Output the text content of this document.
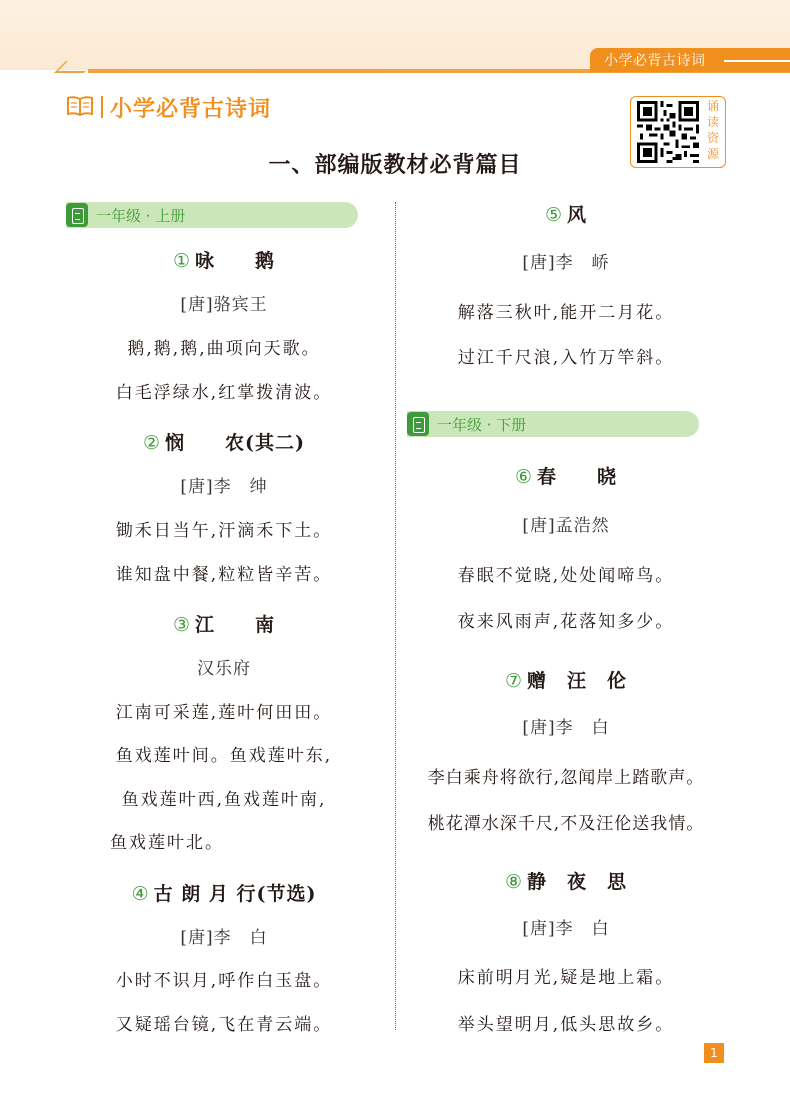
小学必背古诗词
小学必背古诗词	诵读资源
一、部编版教材必背篇目
一年级 · 上册
一年级 · 下册
① 咏　　鹅
[唐]骆宾王
鹅,鹅,鹅,曲项向天歌。
白毛浮绿水,红掌拨清波。
② 悯　　农(其二)
[唐]李　绅
锄禾日当午,汗滴禾下土。
谁知盘中餐,粒粒皆辛苦。
③ 江　　南
汉乐府
江南可采莲,莲叶何田田。
鱼戏莲叶间。鱼戏莲叶东,
鱼戏莲叶西,鱼戏莲叶南,
鱼戏莲叶北。
④ 古 朗 月 行(节选)
[唐]李　白
小时不识月,呼作白玉盘。
又疑瑶台镜,飞在青云端。
⑤ 风
[唐]李　峤
解落三秋叶,能开二月花。
过江千尺浪,入竹万竿斜。
⑥ 春　　晓
[唐]孟浩然
春眠不觉晓,处处闻啼鸟。
夜来风雨声,花落知多少。
⑦ 赠　汪　伦
[唐]李　白
李白乘舟将欲行,忽闻岸上踏歌声。
桃花潭水深千尺,不及汪伦送我情。
⑧ 静　夜　思
[唐]李　白
床前明月光,疑是地上霜。
举头望明月,低头思故乡。
1
